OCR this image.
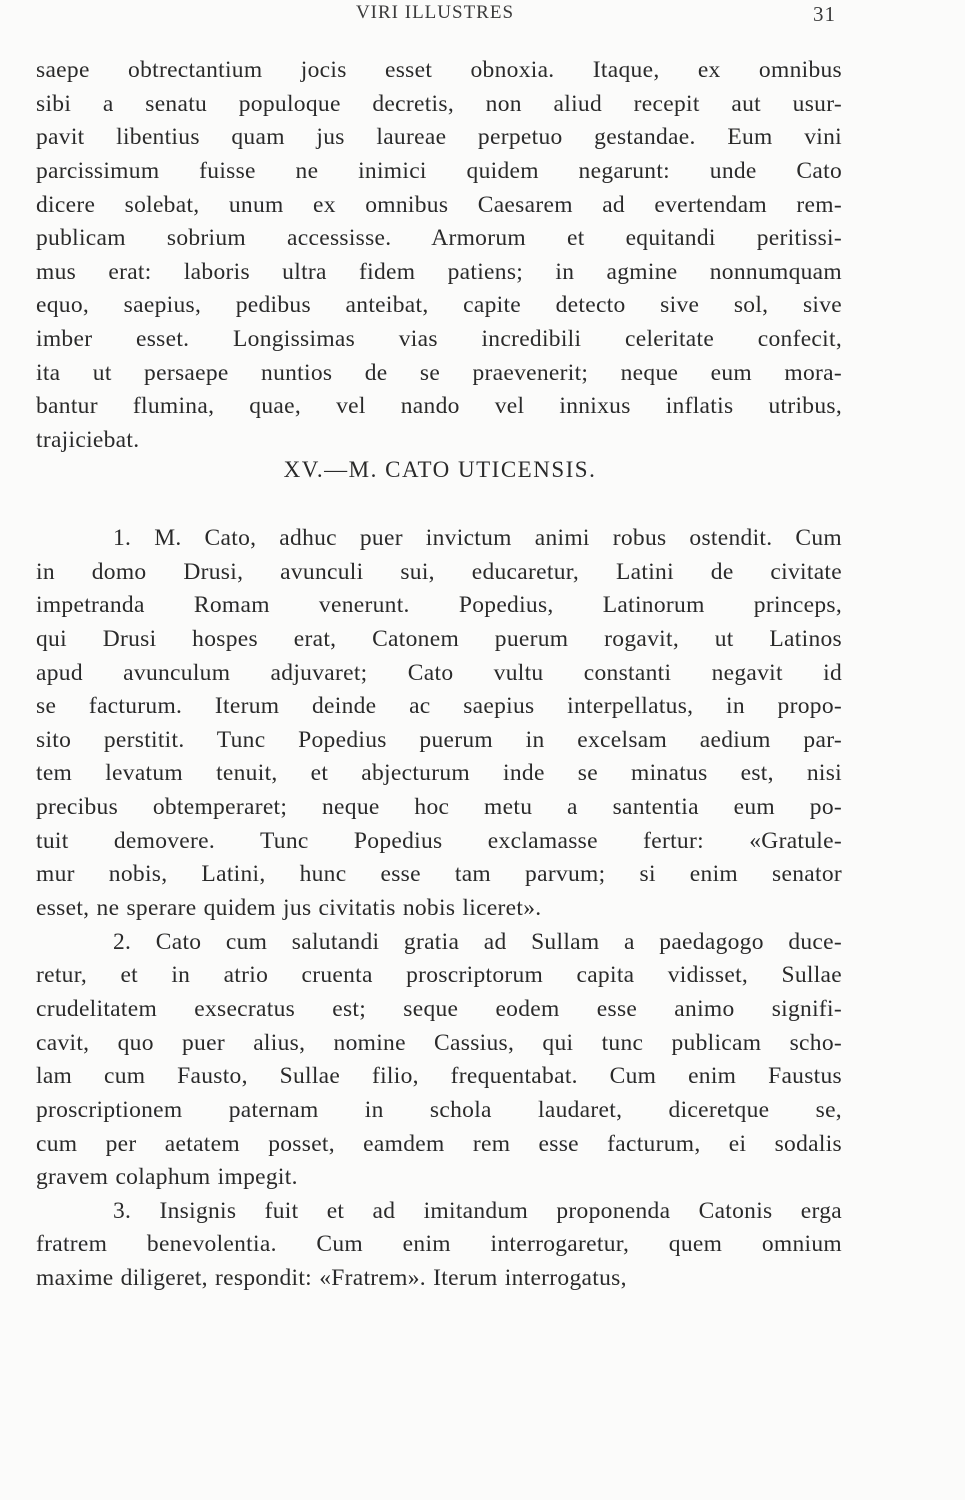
VIRI ILLUSTRES	31
saepe obtrectantium jocis esset obnoxia. Itaque, ex omnibus
sibi a senatu populoque decretis, non aliud recepit aut usur-
pavit libentius quam jus laureae perpetuo gestandae. Eum vini
parcissimum fuisse ne inimici quidem negarunt: unde Cato
dicere solebat, unum ex omnibus Caesarem ad evertendam rem-
publicam sobrium accessisse. Armorum et equitandi peritissi-
mus erat: laboris ultra fidem patiens; in agmine nonnumquam
equo, saepius, pedibus anteibat, capite detecto sive sol, sive
imber esset. Longissimas vias incredibili celeritate confecit,
ita ut persaepe nuntios de se praevenerit; neque eum mora-
bantur flumina, quae, vel nando vel innixus inflatis utribus,
trajiciebat.
XV.—M. CATO UTICENSIS.
1. M. Cato, adhuc puer invictum animi robus ostendit. Cum
in domo Drusi, avunculi sui, educaretur, Latini de civitate
impetranda Romam venerunt. Popedius, Latinorum princeps,
qui Drusi hospes erat, Catonem puerum rogavit, ut Latinos
apud avunculum adjuvaret; Cato vultu constanti negavit id
se facturum. Iterum deinde ac saepius interpellatus, in propo-
sito perstitit. Tunc Popedius puerum in excelsam aedium par-
tem levatum tenuit, et abjecturum inde se minatus est, nisi
precibus obtemperaret; neque hoc metu a santentia eum po-
tuit demovere. Tunc Popedius exclamasse fertur: «Gratule-
mur nobis, Latini, hunc esse tam parvum; si enim senator
esset, ne sperare quidem jus civitatis nobis liceret».
2. Cato cum salutandi gratia ad Sullam a paedagogo duce-
retur, et in atrio cruenta proscriptorum capita vidisset, Sullae
crudelitatem exsecratus est; seque eodem esse animo signifi-
cavit, quo puer alius, nomine Cassius, qui tunc publicam scho-
lam cum Fausto, Sullae filio, frequentabat. Cum enim Faustus
proscriptionem paternam in schola laudaret, diceretque se,
cum per aetatem posset, eamdem rem esse facturum, ei sodalis
gravem colaphum impegit.
3. Insignis fuit et ad imitandum proponenda Catonis erga
fratrem benevolentia. Cum enim interrogaretur, quem omnium
maxime diligeret, respondit: «Fratrem». Iterum interrogatus,
